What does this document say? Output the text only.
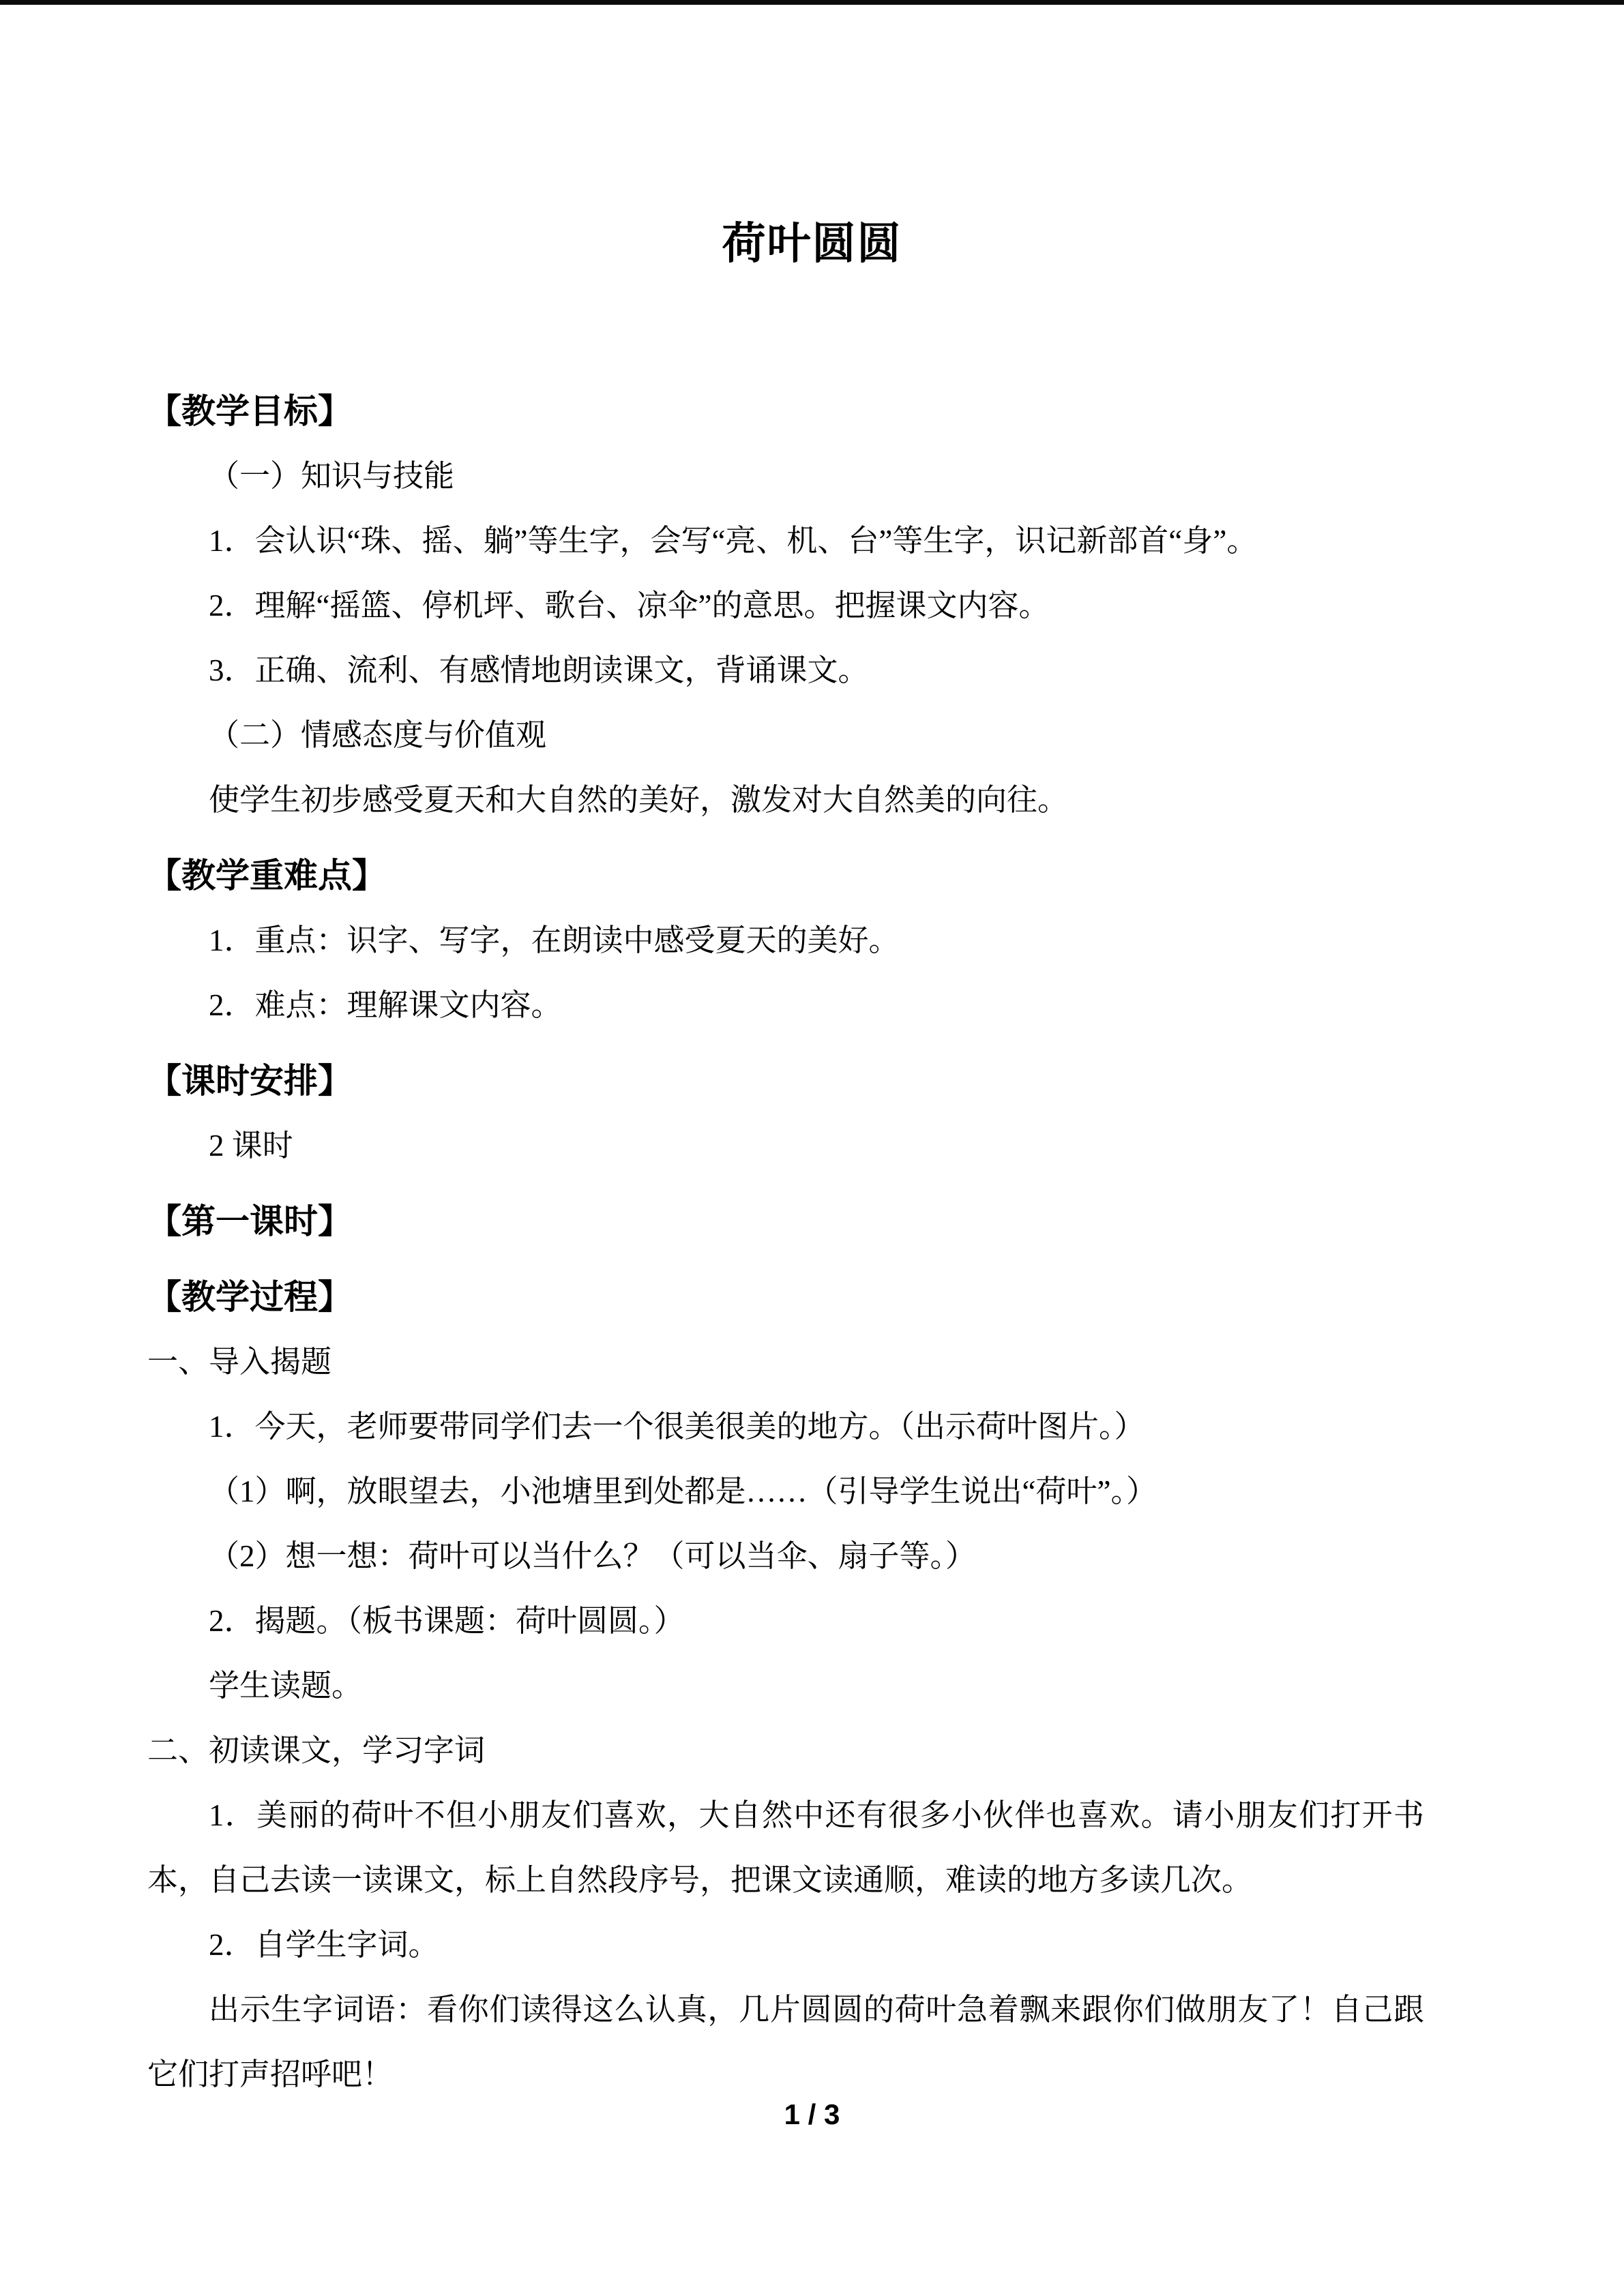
荷叶圆圆
【教学目标】

（一）知识与技能

1．会认识“珠、摇、躺”等生字，会写“亮、机、台”等生字，识记新部首“身”。

2．理解“摇篮、停机坪、歌台、凉伞”的意思。把握课文内容。

3．正确、流利、有感情地朗读课文，背诵课文。

（二）情感态度与价值观

使学生初步感受夏天和大自然的美好，激发对大自然美的向往。

【教学重难点】

1．重点：识字、写字，在朗读中感受夏天的美好。

2．难点：理解课文内容。

【课时安排】

2 课时

【第一课时】
【教学过程】

一、导入揭题

1．今天，老师要带同学们去一个很美很美的地方。（出示荷叶图片。）

（1）啊，放眼望去，小池塘里到处都是……（引导学生说出“荷叶”。）

（2）想一想：荷叶可以当什么？（可以当伞、扇子等。）

2．揭题。（板书课题：荷叶圆圆。）

学生读题。

二、初读课文，学习字词

1．美丽的荷叶不但小朋友们喜欢，大自然中还有很多小伙伴也喜欢。请小朋友们打开书本，自己去读一读课文，标上自然段序号，把课文读通顺，难读的地方多读几次。

2．自学生字词。

出示生字词语：看你们读得这么认真，几片圆圆的荷叶急着飘来跟你们做朋友了！自己跟它们打声招呼吧！

1 / 3
